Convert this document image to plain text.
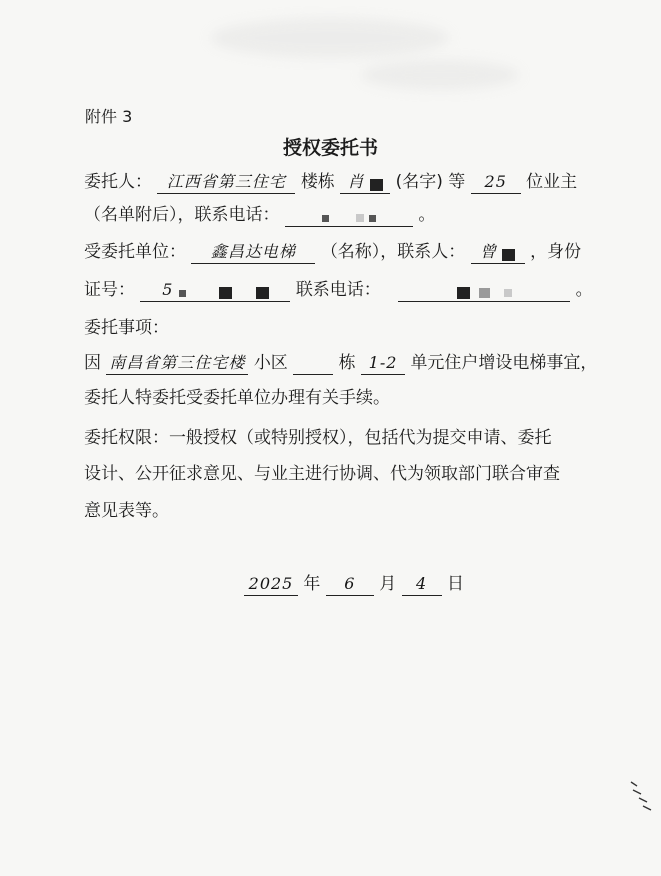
附件 3
授权委托书
委托人： 江西省第三住宅 楼栋 肖 (名字) 等 25 位业主
（名单附后），联系电话：	。
受委托单位： 鑫昌达电梯 （名称），联系人： 曾 ，身份
证号： 5	联系电话：	。
委托事项：
因 南昌省第三住宅楼 小区	栋 1-2 单元住户增设电梯事宜，
委托人特委托受委托单位办理有关手续。
委托权限：一般授权（或特别授权），包括代为提交申请、委托
设计、公开征求意见、与业主进行协调、代为领取部门联合审查
意见表等。
2025 年 6 月 4 日
